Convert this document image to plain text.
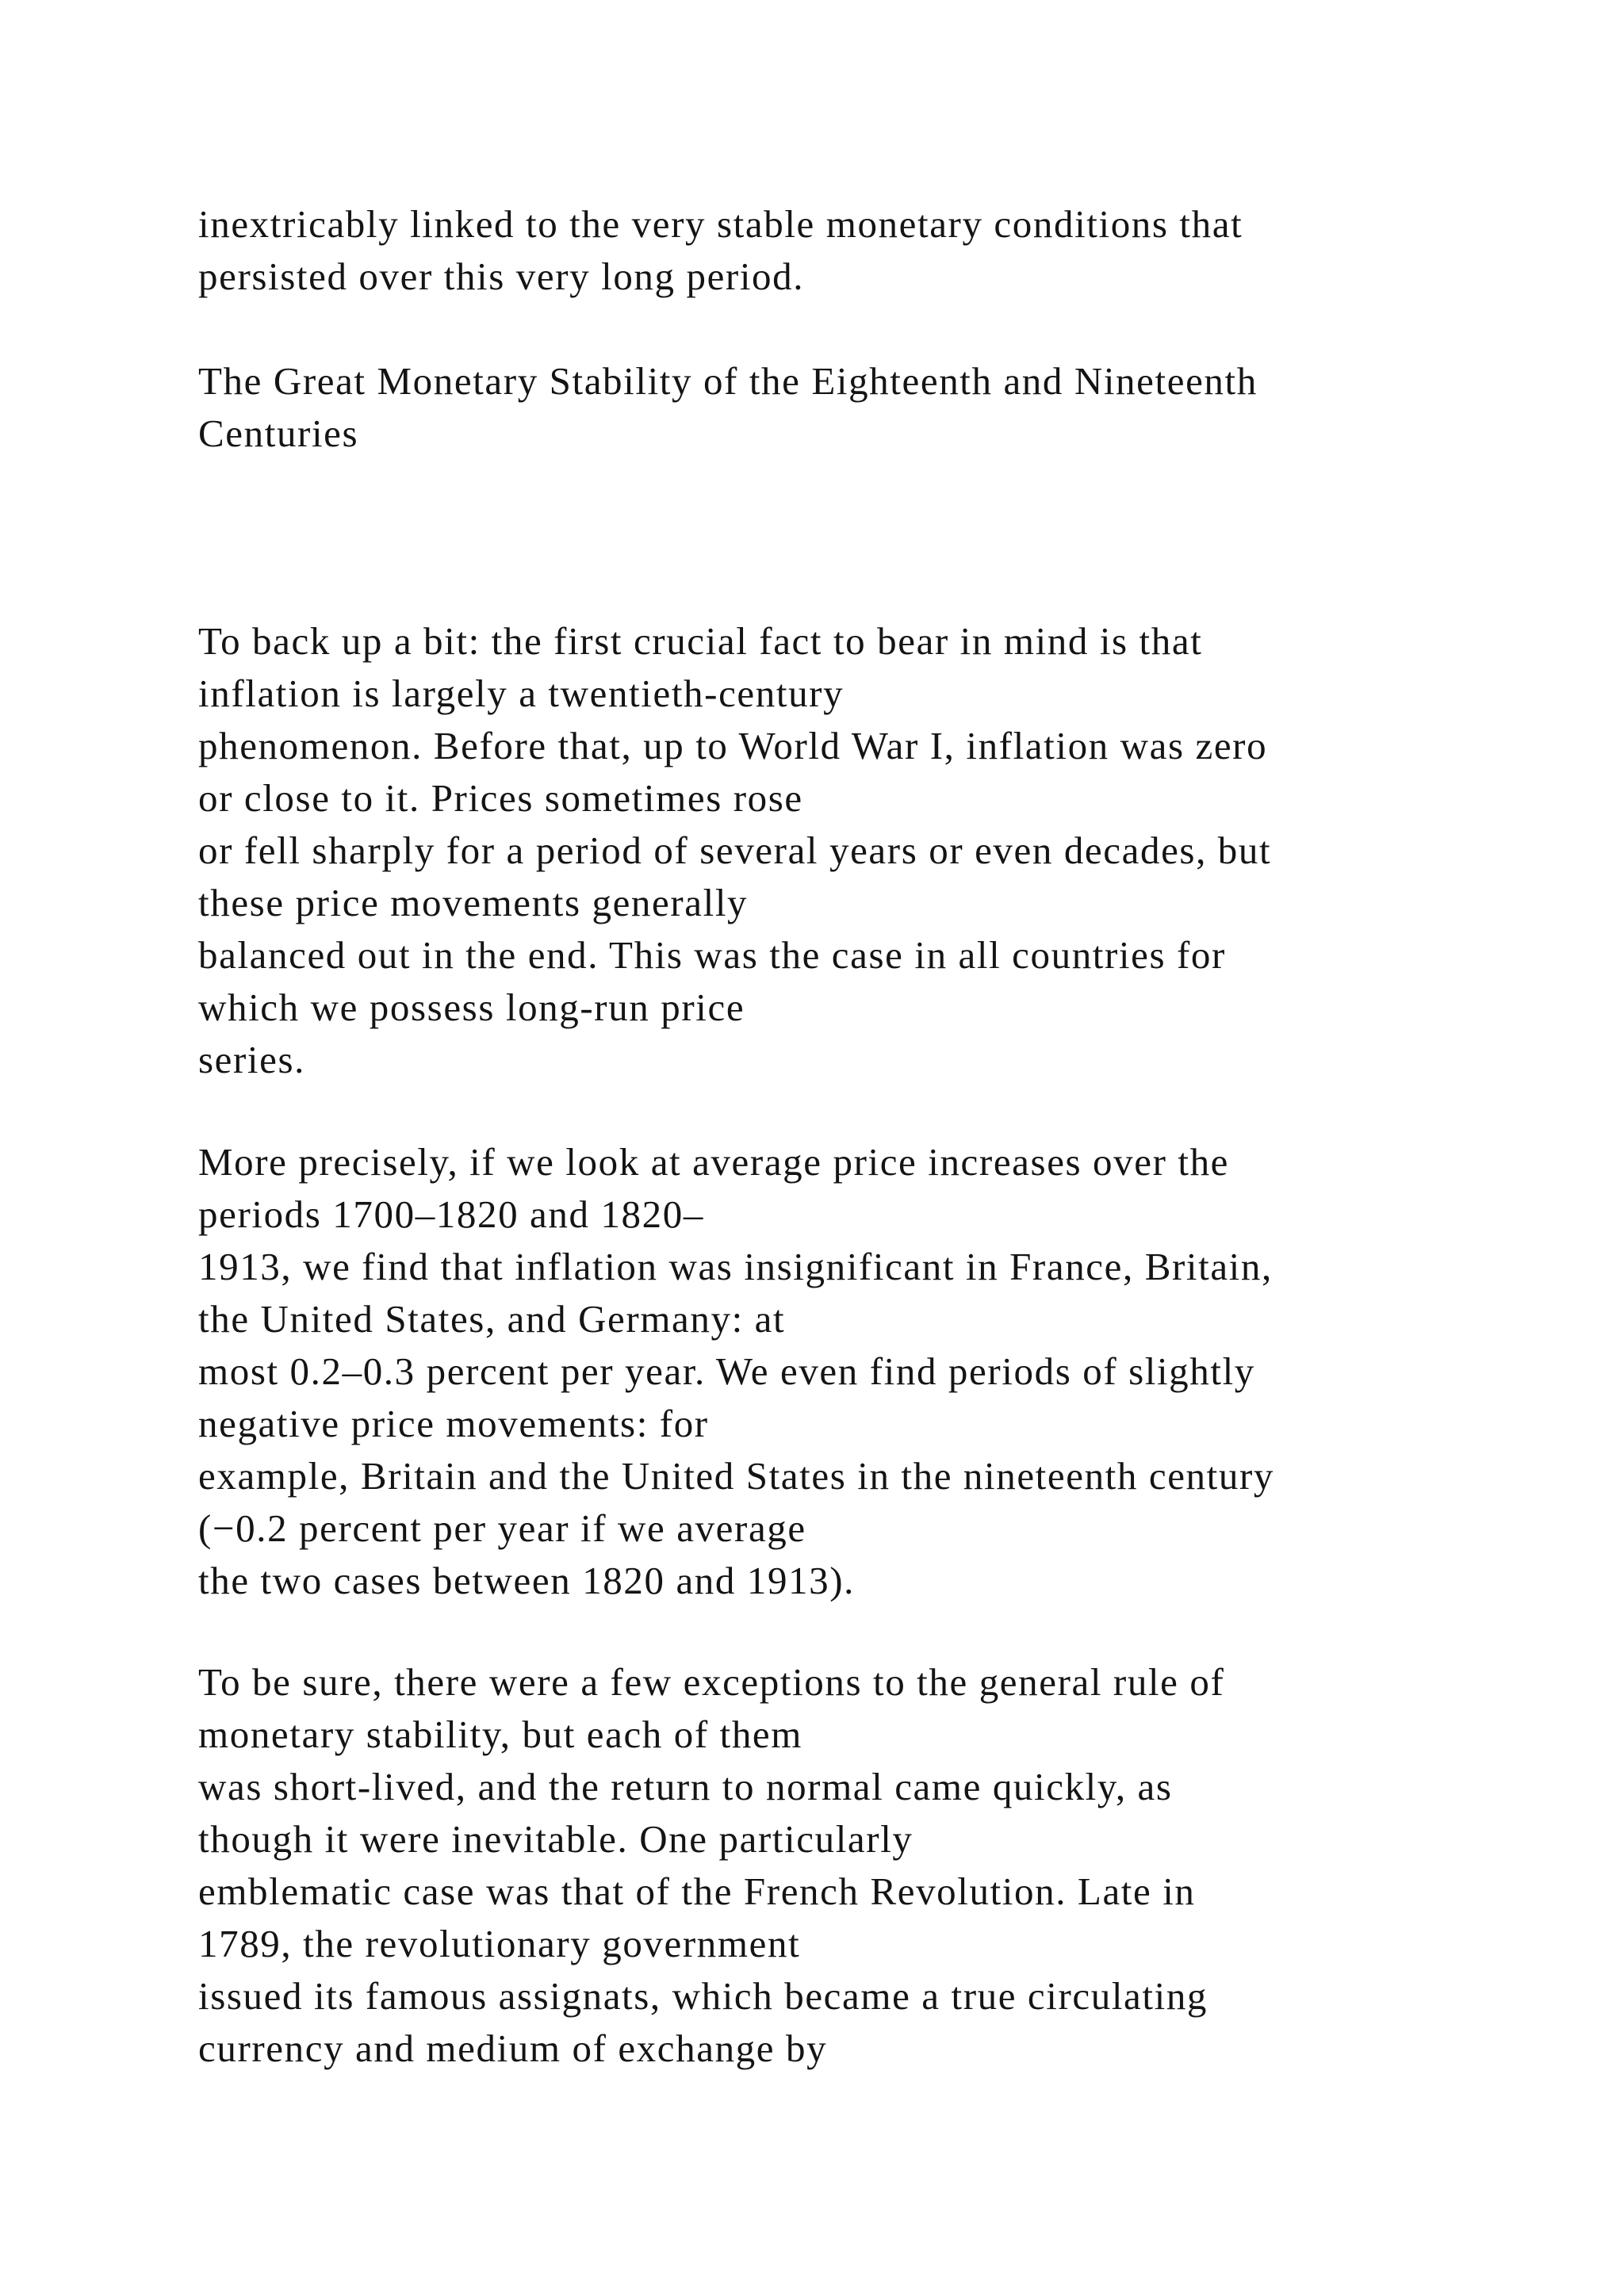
inextricably linked to the very stable monetary conditions that
persisted over this very long period.
The Great Monetary Stability of the Eighteenth and Nineteenth
Centuries
To back up a bit: the first crucial fact to bear in mind is that
inflation is largely a twentieth-century
phenomenon. Before that, up to World War I, inflation was zero
or close to it. Prices sometimes rose
or fell sharply for a period of several years or even decades, but
these price movements generally
balanced out in the end. This was the case in all countries for
which we possess long-run price
series.
More precisely, if we look at average price increases over the
periods 1700–1820 and 1820–
1913, we find that inflation was insignificant in France, Britain,
the United States, and Germany: at
most 0.2–0.3 percent per year. We even find periods of slightly
negative price movements: for
example, Britain and the United States in the nineteenth century
(−0.2 percent per year if we average
the two cases between 1820 and 1913).
To be sure, there were a few exceptions to the general rule of
monetary stability, but each of them
was short-lived, and the return to normal came quickly, as
though it were inevitable. One particularly
emblematic case was that of the French Revolution. Late in
1789, the revolutionary government
issued its famous assignats, which became a true circulating
currency and medium of exchange by
